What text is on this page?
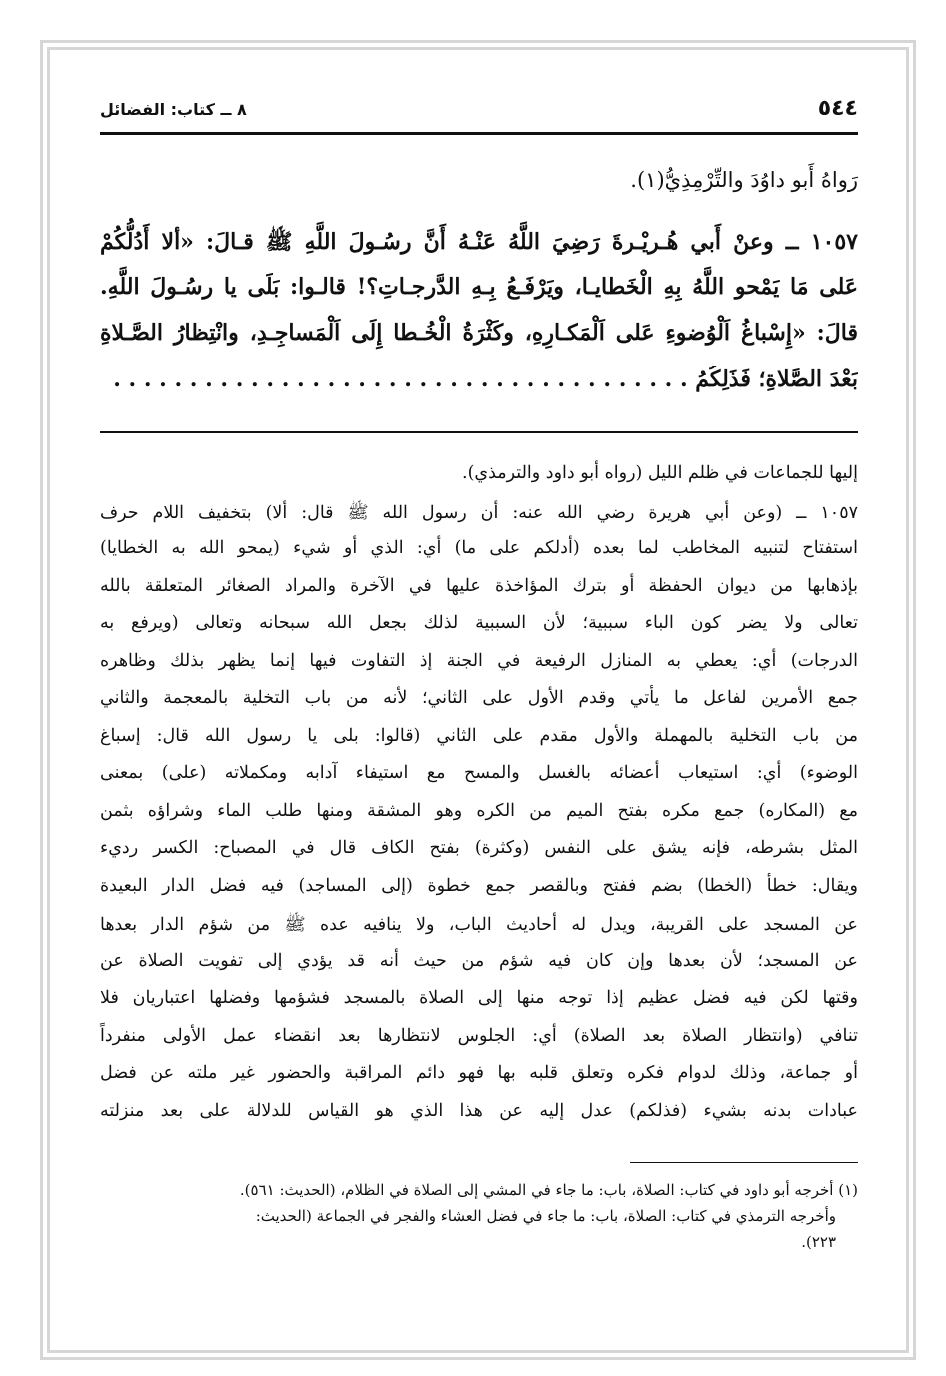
٥٤٤
٨ ــ كتاب: الفضائل
رَواهُ أَبو داوُدَ والتِّرْمِذِيُّ(١).
١٠٥٧ ــ وعنْ أَبي هُـريْـرةَ رَضِيَ اللَّهُ عَنْـهُ أَنَّ رسُـولَ اللَّهِ ﷺ قـالَ: «ألا أَدُلُّكُمْ
عَلى مَا يَمْحو اللَّهُ بِهِ الْخَطايـا، ويَرْفَـعُ بِـهِ الدَّرجـاتِ؟! قالـوا: بَلَى يا رسُـولَ اللَّهِ.
قالَ: «إِسْباغُ اَلْوُضوءِ عَلى اَلْمَكـارِهِ، وكَثْرَةُ الْخُـطا إِلَى اَلْمَساجِـدِ، وانْتِظارُ الصَّـلاةِ
بَعْدَ الصَّلاةِ؛ فَذَلِكُمُ . . . . . . . . . . . . . . . . . . . . . . . . . . . . . . . . . . . . . .
إليها للجماعات في ظلم الليل (رواه أبو داود والترمذي).
١٠٥٧ ــ (وعن أبي هريرة رضي الله عنه: أن رسول الله ﷺ قال: ألا) بتخفيف اللام حرف
استفتاح لتنبيه المخاطب لما بعده (أدلكم على ما) أي: الذي أو شيء (يمحو الله به الخطايا)
بإذهابها من ديوان الحفظة أو بترك المؤاخذة عليها في الآخرة والمراد الصغائر المتعلقة بالله
تعالى ولا يضر كون الباء سببية؛ لأن السببية لذلك بجعل الله سبحانه وتعالى (ويرفع به
الدرجات) أي: يعطي به المنازل الرفيعة في الجنة إذ التفاوت فيها إنما يظهر بذلك وظاهره
جمع الأمرين لفاعل ما يأتي وقدم الأول على الثاني؛ لأنه من باب التخلية بالمعجمة والثاني
من باب التخلية بالمهملة والأول مقدم على الثاني (قالوا: بلى يا رسول الله قال: إسباغ
الوضوء) أي: استيعاب أعضائه بالغسل والمسح مع استيفاء آدابه ومكملاته (على) بمعنى
مع (المكاره) جمع مكره بفتح الميم من الكره وهو المشقة ومنها طلب الماء وشراؤه بثمن
المثل بشرطه، فإنه يشق على النفس (وكثرة) بفتح الكاف قال في المصباح: الكسر رديء
ويقال: خطأ (الخطا) بضم ففتح وبالقصر جمع خطوة (إلى المساجد) فيه فضل الدار البعيدة
عن المسجد على القريبة، ويدل له أحاديث الباب، ولا ينافيه عده ﷺ من شؤم الدار بعدها
عن المسجد؛ لأن بعدها وإن كان فيه شؤم من حيث أنه قد يؤدي إلى تفويت الصلاة عن
وقتها لكن فيه فضل عظيم إذا توجه منها إلى الصلاة بالمسجد فشؤمها وفضلها اعتباريان فلا
تنافي (وانتظار الصلاة بعد الصلاة) أي: الجلوس لانتظارها بعد انقضاء عمل الأولى منفرداً
أو جماعة، وذلك لدوام فكره وتعلق قلبه بها فهو دائم المراقبة والحضور غير ملته عن فضل
عبادات بدنه بشيء (فذلكم) عدل إليه عن هذا الذي هو القياس للدلالة على بعد منزلته
(١) أخرجه أبو داود في كتاب: الصلاة، باب: ما جاء في المشي إلى الصلاة في الظلام، (الحديث: ٥٦١).
وأخرجه الترمذي في كتاب: الصلاة، باب: ما جاء في فضل العشاء والفجر في الجماعة (الحديث:
٢٢٣).
